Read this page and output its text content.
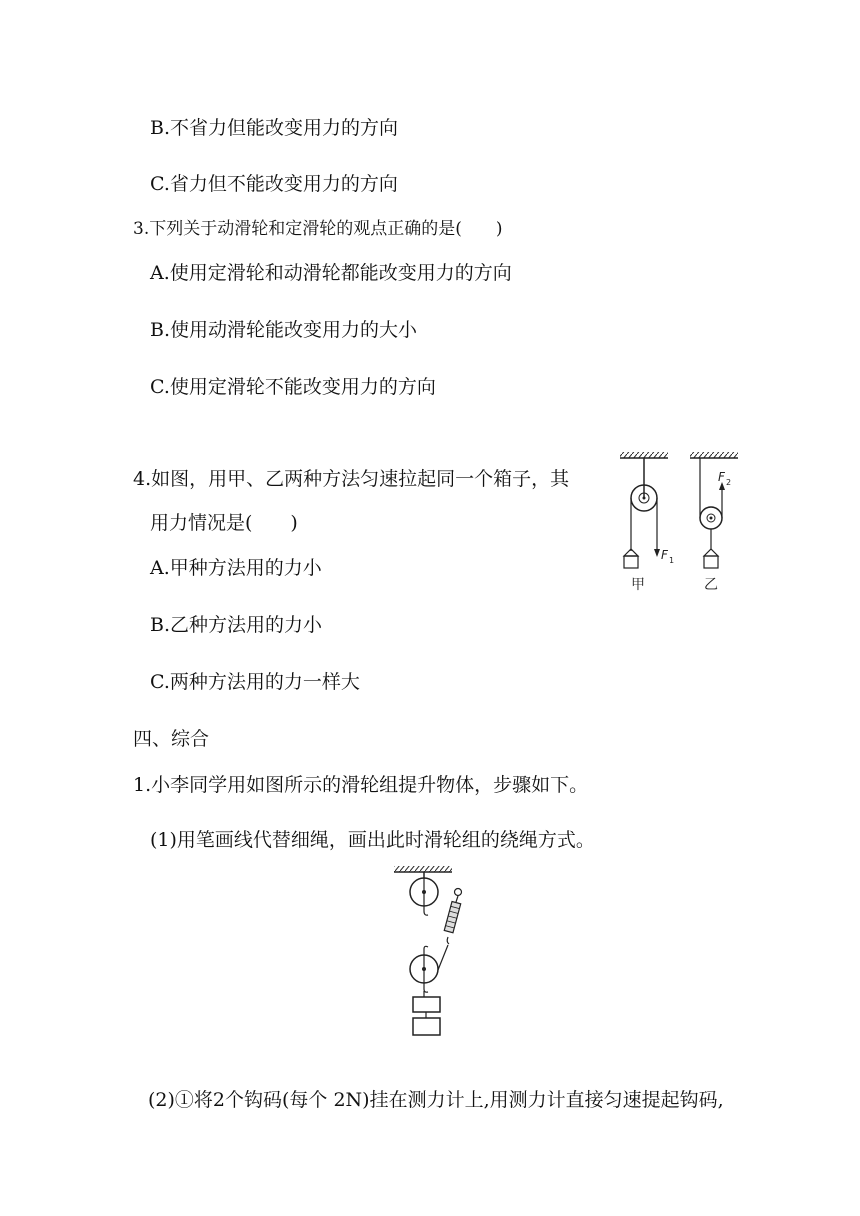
B.不省力但能改变用力的方向
C.省力但不能改变用力的方向
3.下列关于动滑轮和定滑轮的观点正确的是(　　)
A.使用定滑轮和动滑轮都能改变用力的方向
B.使用动滑轮能改变用力的大小
C.使用定滑轮不能改变用力的方向
4.如图，用甲、乙两种方法匀速拉起同一个箱子，其
用力情况是(　　)
A.甲种方法用的力小
B.乙种方法用的力小
C.两种方法用的力一样大
F 1
甲
F 2
乙
四、综合
1.小李同学用如图所示的滑轮组提升物体，步骤如下。
(1)用笔画线代替细绳，画出此时滑轮组的绕绳方式。
(2)①将2个钩码(每个 2N)挂在测力计上,用测力计直接匀速提起钩码,
